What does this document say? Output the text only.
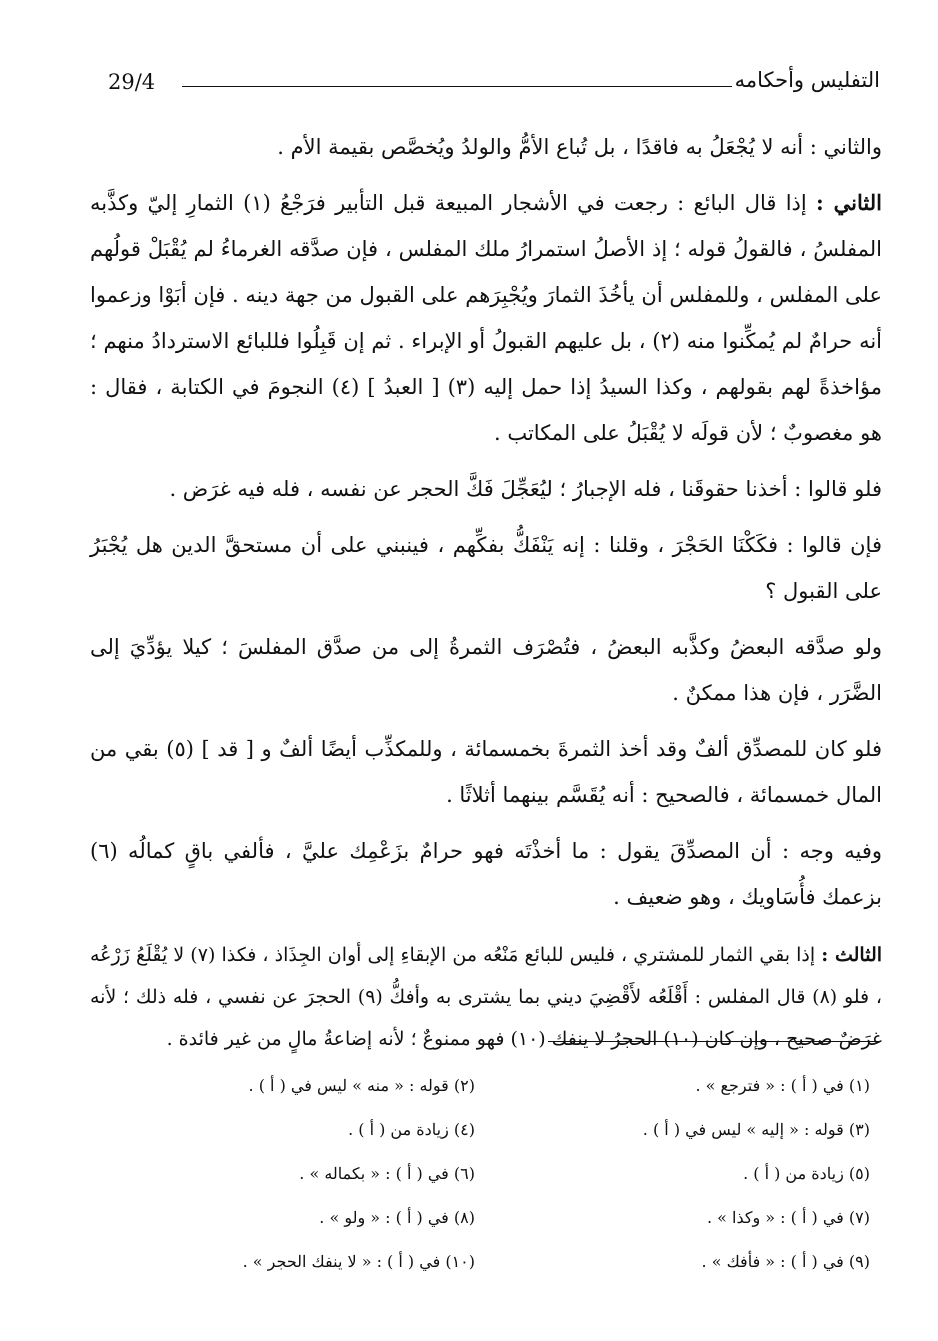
29/4	التفليس وأحكامه

والثاني : أنه لا يُجْعَلُ به فاقدًا ، بل تُباع الأمُّ والولدُ ويُخصَّص بقيمة الأم .

الثاني : إذا قال البائع : رجعت في الأشجار المبيعة قبل التأبير فرَجْعُ (١) الثمارِ إليّ وكذَّبه المفلسُ ، فالقولُ قوله ؛ إذ الأصلُ استمرارُ ملك المفلس ، فإن صدَّقه الغرماءُ لم يُقْبَلْ قولُهم على المفلس ، وللمفلس أن يأخُذَ الثمارَ ويُجْبِرَهم على القبول من جهة دينه . فإن أبَوْا وزعموا أنه حرامٌ لم يُمكِّنوا منه (٢) ، بل عليهم القبولُ أو الإبراء . ثم إن قَبِلُوا فللبائع الاستردادُ منهم ؛ مؤاخذةً لهم بقولهم ، وكذا السيدُ إذا حمل إليه (٣) [ العبدُ ] (٤) النجومَ في الكتابة ، فقال : هو مغصوبٌ ؛ لأن قولَه لا يُقْبَلُ على المكاتب .

فلو قالوا : أخذنا حقوقَنا ، فله الإجبارُ ؛ ليُعَجِّلَ فَكَّ الحجر عن نفسه ، فله فيه غرَض .

فإن قالوا : فكَكْنَا الحَجْرَ ، وقلنا : إنه يَنْفَكُّ بفكِّهم ، فينبني على أن مستحقَّ الدين هل يُجْبَرُ على القبول ؟

ولو صدَّقه البعضُ وكذَّبه البعضُ ، فتُصْرَف الثمرةُ إلى من صدَّق المفلسَ ؛ كيلا يؤدِّيَ إلى الضَّرَر ، فإن هذا ممكنٌ .

فلو كان للمصدِّق ألفٌ وقد أخذ الثمرةَ بخمسمائة ، وللمكذِّب أيضًا ألفٌ و [ قد ] (٥) بقي من المال خمسمائة ، فالصحيح : أنه يُقَسَّم بينهما أثلاثًا .

وفيه وجه : أن المصدِّقَ يقول : ما أخذْتَه فهو حرامٌ بزَعْمِك عليَّ ، فألفي باقٍ كمالُه (٦) بزعمك فأُسَاويك ، وهو ضعيف .

الثالث : إذا بقي الثمار للمشتري ، فليس للبائع مَنْعُه من الإبقاءِ إلى أوان الجِذَاذ ، فكذا (٧) لا يُقْلَعُ زَرْعُه ، فلو (٨) قال المفلس : أَقْلَعُه لأَقْضِيَ ديني بما يشترى به وأفكُّ (٩) الحجرَ عن نفسي ، فله ذلك ؛ لأنه غرَضٌ صحيح ، وإن كان (١٠) الحجرُ لا ينفك (١٠) فهو ممنوعٌ ؛ لأنه إضاعةُ مالٍ من غير فائدة .

(١) في ( أ ) : « فترجع » .
(٢) قوله : « منه » ليس في ( أ ) .
(٣) قوله : « إليه » ليس في ( أ ) .
(٤) زيادة من ( أ ) .
(٥) زيادة من ( أ ) .
(٦) في ( أ ) : « بكماله » .
(٧) في ( أ ) : « وكذا » .
(٨) في ( أ ) : « ولو » .
(٩) في ( أ ) : « فأفك » .
(١٠) في ( أ ) : « لا ينفك الحجر » .
